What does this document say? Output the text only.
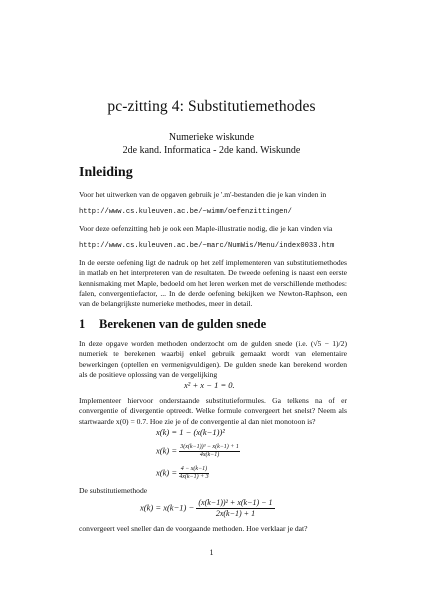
pc-zitting 4: Substitutiemethodes
Numerieke wiskunde
2de kand. Informatica - 2de kand. Wiskunde
Inleiding
Voor het uitwerken van de opgaven gebruik je '.m'-bestanden die je kan vinden in
http://www.cs.kuleuven.ac.be/~wimm/oefenzittingen/
Voor deze oefenzitting heb je ook een Maple-illustratie nodig, die je kan vinden via
http://www.cs.kuleuven.ac.be/~marc/NumWis/Menu/index0033.htm
In de eerste oefening ligt de nadruk op het zelf implementeren van substitutiemethodes in matlab en het interpreteren van de resultaten. De tweede oefening is naast een eerste kennismaking met Maple, bedoeld om het leren werken met de verschillende methodes: falen, convergentiefactor, ... In de derde oefening bekijken we Newton-Raphson, een van de belangrijkste numerieke methodes, meer in detail.
1 Berekenen van de gulden snede
In deze opgave worden methoden onderzocht om de gulden snede (i.e. (√5 − 1)/2) numeriek te berekenen waarbij enkel gebruik gemaakt wordt van elementaire bewerkingen (optellen en vermenigvuldigen). De gulden snede kan berekend worden als de positieve oplossing van de vergelijking
x² + x − 1 = 0.
Implementeer hiervoor onderstaande substitutieformules. Ga telkens na of er convergentie of divergentie optreedt. Welke formule convergeert het snelst? Neem als startwaarde x(0) = 0.7. Hoe zie je of de convergentie al dan niet monotoon is?
x(k) = 1 − (x(k−1))²
$x(k) = \frac{\text{3(x(k−1))³ − x(k−1) + 1}}{4x(k-1)}$
$x(k) = \frac{4 - x(k-1)}{4x(k-1) + 3}$
De substitutiemethode
$x(k) = x(k-1) - \frac{\text{(x(k−1))² + x(k−1) − 1}}{2x(k-1) + 1}$
convergeert veel sneller dan de voorgaande methoden. Hoe verklaar je dat?
1
